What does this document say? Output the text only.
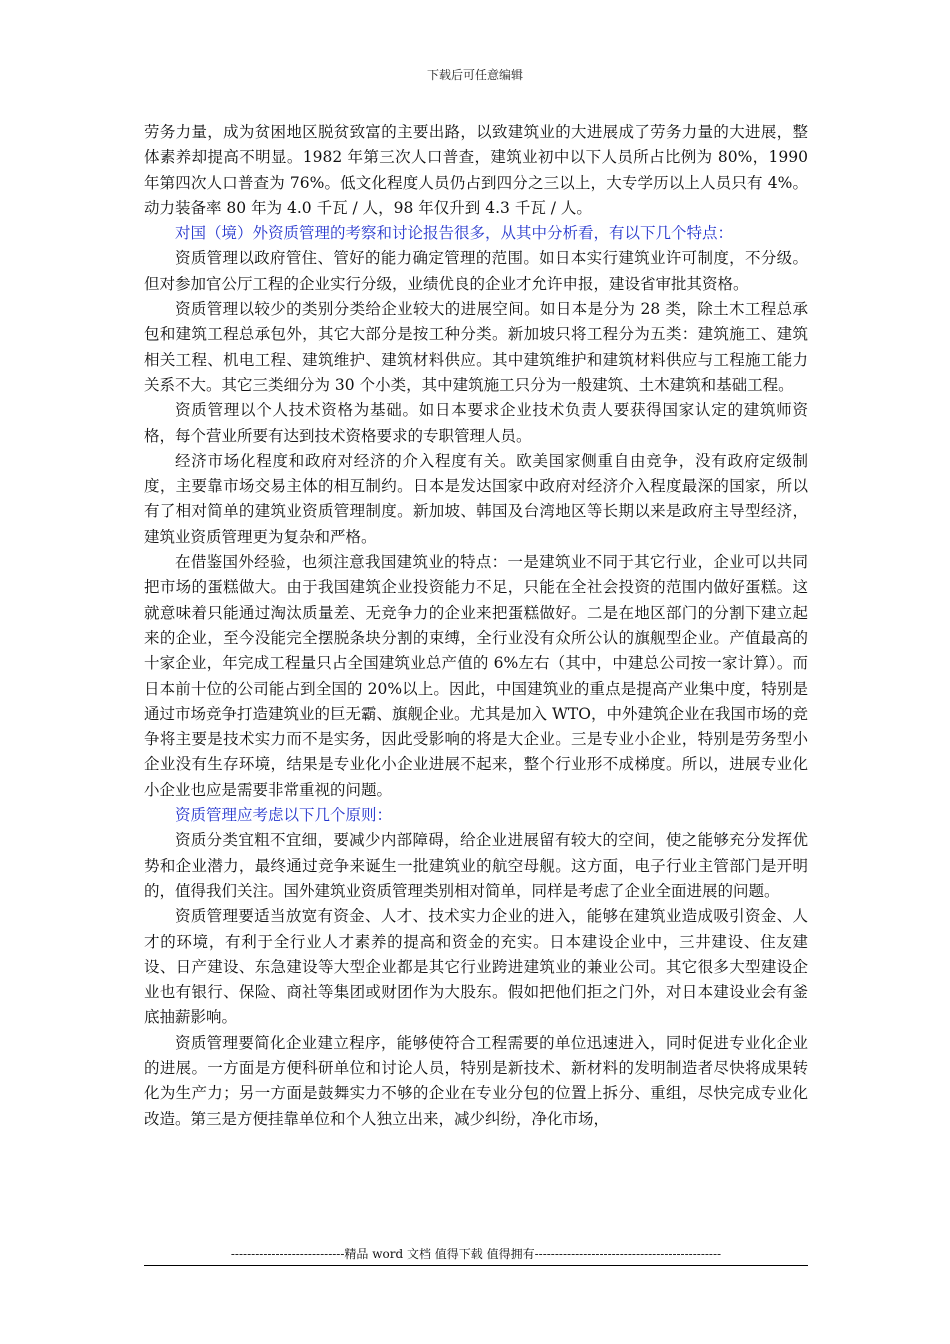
下载后可任意编辑

劳务力量，成为贫困地区脱贫致富的主要出路，以致建筑业的大进展成了劳务力量的大进展，整体素养却提高不明显。1982 年第三次人口普查，建筑业初中以下人员所占比例为 80%，1990 年第四次人口普查为 76%。低文化程度人员仍占到四分之三以上，大专学历以上人员只有 4%。动力装备率 80 年为 4.0 千瓦 / 人，98 年仅升到 4.3 千瓦 / 人。

对国（境）外资质管理的考察和讨论报告很多，从其中分析看，有以下几个特点：

资质管理以政府管住、管好的能力确定管理的范围。如日本实行建筑业许可制度，不分级。但对参加官公厅工程的企业实行分级，业绩优良的企业才允许申报，建设省审批其资格。

资质管理以较少的类别分类给企业较大的进展空间。如日本是分为 28 类，除土木工程总承包和建筑工程总承包外，其它大部分是按工种分类。新加坡只将工程分为五类：建筑施工、建筑相关工程、机电工程、建筑维护、建筑材料供应。其中建筑维护和建筑材料供应与工程施工能力关系不大。其它三类细分为 30 个小类，其中建筑施工只分为一般建筑、土木建筑和基础工程。

资质管理以个人技术资格为基础。如日本要求企业技术负责人要获得国家认定的建筑师资格，每个营业所要有达到技术资格要求的专职管理人员。

经济市场化程度和政府对经济的介入程度有关。欧美国家侧重自由竞争，没有政府定级制度，主要靠市场交易主体的相互制约。日本是发达国家中政府对经济介入程度最深的国家，所以有了相对简单的建筑业资质管理制度。新加坡、韩国及台湾地区等长期以来是政府主导型经济，建筑业资质管理更为复杂和严格。

在借鉴国外经验，也须注意我国建筑业的特点：一是建筑业不同于其它行业，企业可以共同把市场的蛋糕做大。由于我国建筑企业投资能力不足，只能在全社会投资的范围内做好蛋糕。这就意味着只能通过淘汰质量差、无竞争力的企业来把蛋糕做好。二是在地区部门的分割下建立起来的企业，至今没能完全摆脱条块分割的束缚，全行业没有众所公认的旗舰型企业。产值最高的十家企业，年完成工程量只占全国建筑业总产值的 6%左右（其中，中建总公司按一家计算）。而日本前十位的公司能占到全国的 20%以上。因此，中国建筑业的重点是提高产业集中度，特别是通过市场竞争打造建筑业的巨无霸、旗舰企业。尤其是加入 WTO，中外建筑企业在我国市场的竞争将主要是技术实力而不是实务，因此受影响的将是大企业。三是专业小企业，特别是劳务型小企业没有生存环境，结果是专业化小企业进展不起来，整个行业形不成梯度。所以，进展专业化小企业也应是需要非常重视的问题。

资质管理应考虑以下几个原则：

资质分类宜粗不宜细，要减少内部障碍，给企业进展留有较大的空间，使之能够充分发挥优势和企业潜力，最终通过竞争来诞生一批建筑业的航空母舰。这方面，电子行业主管部门是开明的，值得我们关注。国外建筑业资质管理类别相对简单，同样是考虑了企业全面进展的问题。

资质管理要适当放宽有资金、人才、技术实力企业的进入，能够在建筑业造成吸引资金、人才的环境，有利于全行业人才素养的提高和资金的充实。日本建设企业中，三井建设、住友建设、日产建设、东急建设等大型企业都是其它行业跨进建筑业的兼业公司。其它很多大型建设企业也有银行、保险、商社等集团或财团作为大股东。假如把他们拒之门外，对日本建设业会有釜底抽薪影响。

资质管理要简化企业建立程序，能够使符合工程需要的单位迅速进入，同时促进专业化企业的进展。一方面是方便科研单位和讨论人员，特别是新技术、新材料的发明制造者尽快将成果转化为生产力；另一方面是鼓舞实力不够的企业在专业分包的位置上拆分、重组，尽快完成专业化改造。第三是方便挂靠单位和个人独立出来，减少纠纷，净化市场，

----------------------------精品 word 文档 值得下载 值得拥有----------------------------------------------
